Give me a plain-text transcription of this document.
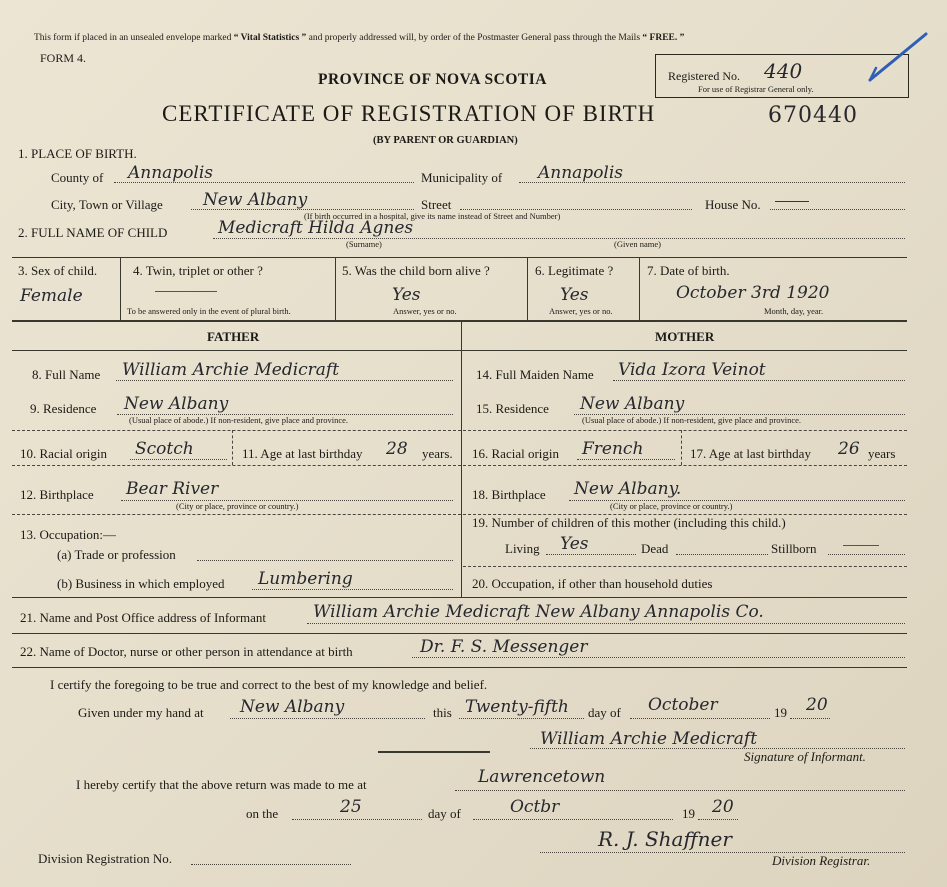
This form if placed in an unsealed envelope marked “ Vital Statistics ” and properly addressed will, by order of the Postmaster General pass through the Mails “ FREE. ”
FORM 4.
Registered No. 440
For use of Registrar General only.
PROVINCE OF NOVA SCOTIA
CERTIFICATE OF REGISTRATION OF BIRTH	670440
(BY PARENT OR GUARDIAN)
1. PLACE OF BIRTH.
County of Annapolis	Municipality of Annapolis
City, Town or Village New Albany	Street
(If birth occurred in a hospital, give its name instead of Street and Number)
House No.
2. FULL NAME OF CHILD	Medicraft Hilda Agnes
(Surname)	(Given name)
3. Sex of child.
Female
4. Twin, triplet or other ?
To be answered only in the event of plural birth.
5. Was the child born alive ?
Yes
Answer, yes or no.
6. Legitimate ?
Yes
Answer, yes or no.
7. Date of birth.
October 3rd 1920
Month, day, year.
FATHER	MOTHER
8. Full Name William Archie Medicraft
9. Residence New Albany
(Usual place of abode.) If non-resident, give place and province.
10. Racial origin Scotch	11. Age at last birthday 28 years.
12. Birthplace Bear River
(City or place, province or country.)
13. Occupation:—
(a) Trade or profession
(b) Business in which employed Lumbering
14. Full Maiden Name Vida Izora Veinot
15. Residence New Albany
(Usual place of abode.) If non-resident, give place and province.
16. Racial origin French	17. Age at last birthday 26 years
18. Birthplace New Albany.
(City or place, province or country.)
19. Number of children of this mother (including this child.)
Living Yes	Dead	Stillborn
20. Occupation, if other than household duties
21. Name and Post Office address of Informant	William Archie Medicraft New Albany Annapolis Co.
22. Name of Doctor, nurse or other person in attendance at birth	Dr. F. S. Messenger
I certify the foregoing to be true and correct to the best of my knowledge and belief.
Given under my hand at New Albany	this Twenty-fifth day of October	19 20
William Archie Medicraft
Signature of Informant.
I hereby certify that the above return was made to me at	Lawrencetown
on the	25	day of	Octbr	19 20
R. J. Shaffner
Division Registration No.	Division Registrar.
